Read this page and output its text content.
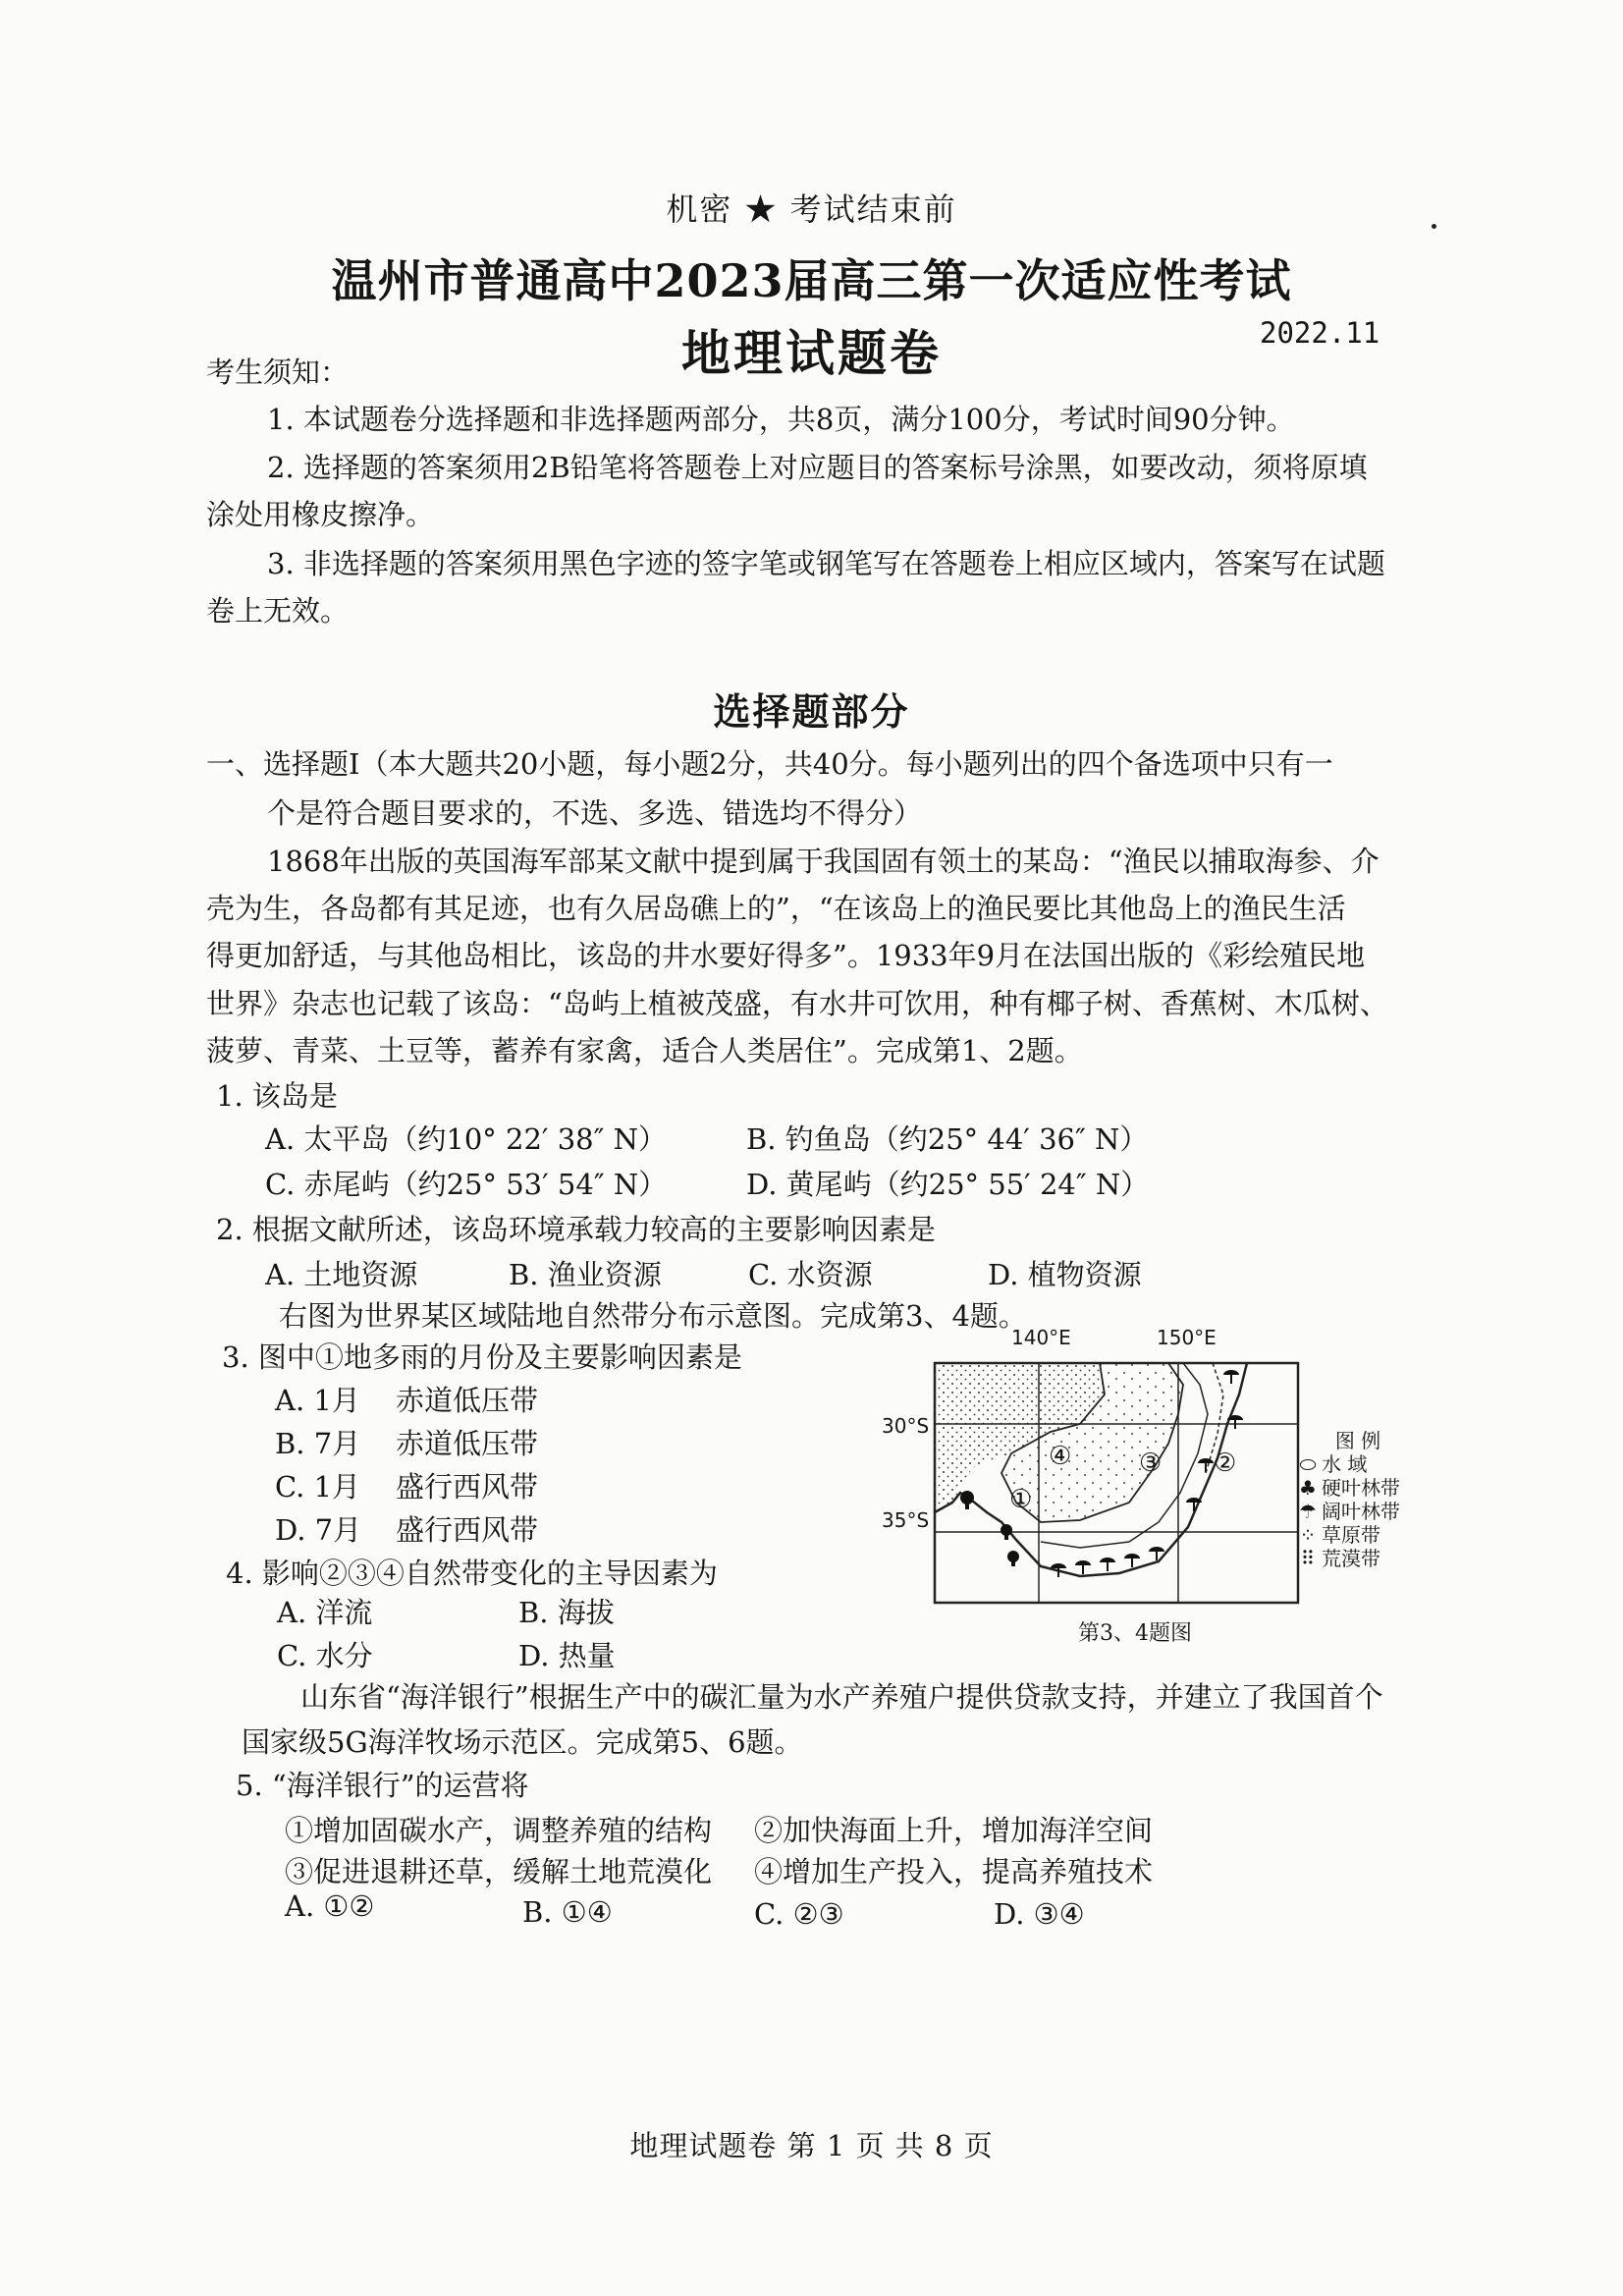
机密 ★ 考试结束前
温州市普通高中2023届高三第一次适应性考试
地理试题卷	2022.11
考生须知：
1. 本试题卷分选择题和非选择题两部分，共8页，满分100分，考试时间90分钟。
2. 选择题的答案须用2B铅笔将答题卷上对应题目的答案标号涂黑，如要改动，须将原填
涂处用橡皮擦净。
3. 非选择题的答案须用黑色字迹的签字笔或钢笔写在答题卷上相应区域内，答案写在试题
卷上无效。
选择题部分
一、选择题Ⅰ（本大题共20小题，每小题2分，共40分。每小题列出的四个备选项中只有一
个是符合题目要求的，不选、多选、错选均不得分）
1868年出版的英国海军部某文献中提到属于我国固有领土的某岛：“渔民以捕取海参、介
壳为生，各岛都有其足迹，也有久居岛礁上的”，“在该岛上的渔民要比其他岛上的渔民生活
得更加舒适，与其他岛相比，该岛的井水要好得多”。1933年9月在法国出版的《彩绘殖民地
世界》杂志也记载了该岛：“岛屿上植被茂盛，有水井可饮用，种有椰子树、香蕉树、木瓜树、
菠萝、青菜、土豆等，蓄养有家禽，适合人类居住”。完成第1、2题。
1. 该岛是
A. 太平岛（约10° 22′ 38″ N）	B. 钓鱼岛（约25° 44′ 36″ N）
C. 赤尾屿（约25° 53′ 54″ N）	D. 黄尾屿（约25° 55′ 24″ N）
2. 根据文献所述，该岛环境承载力较高的主要影响因素是
A. 土地资源	B. 渔业资源	C. 水资源	D. 植物资源
右图为世界某区域陆地自然带分布示意图。完成第3、4题。
3. 图中①地多雨的月份及主要影响因素是
A. 1月 赤道低压带
B. 7月 赤道低压带
C. 1月 盛行西风带
D. 7月 盛行西风带
4. 影响②③④自然带变化的主导因素为
A. 洋流	B. 海拔
C. 水分	D. 热量
140°E	150°E
30°S
35°S
①
②
③
④
图 例
⬭ 水 域
♣ 硬叶林带
☂ 阔叶林带
⁘ 草原带
⠿ 荒漠带
第3、4题图
山东省“海洋银行”根据生产中的碳汇量为水产养殖户提供贷款支持，并建立了我国首个
国家级5G海洋牧场示范区。完成第5、6题。
5. “海洋银行”的运营将
①增加固碳水产，调整养殖的结构 ②加快海面上升，增加海洋空间
③促进退耕还草，缓解土地荒漠化 ④增加生产投入，提高养殖技术
A. ①②	B. ①④	C. ②③	D. ③④
地理试题卷 第 1 页 共 8 页
